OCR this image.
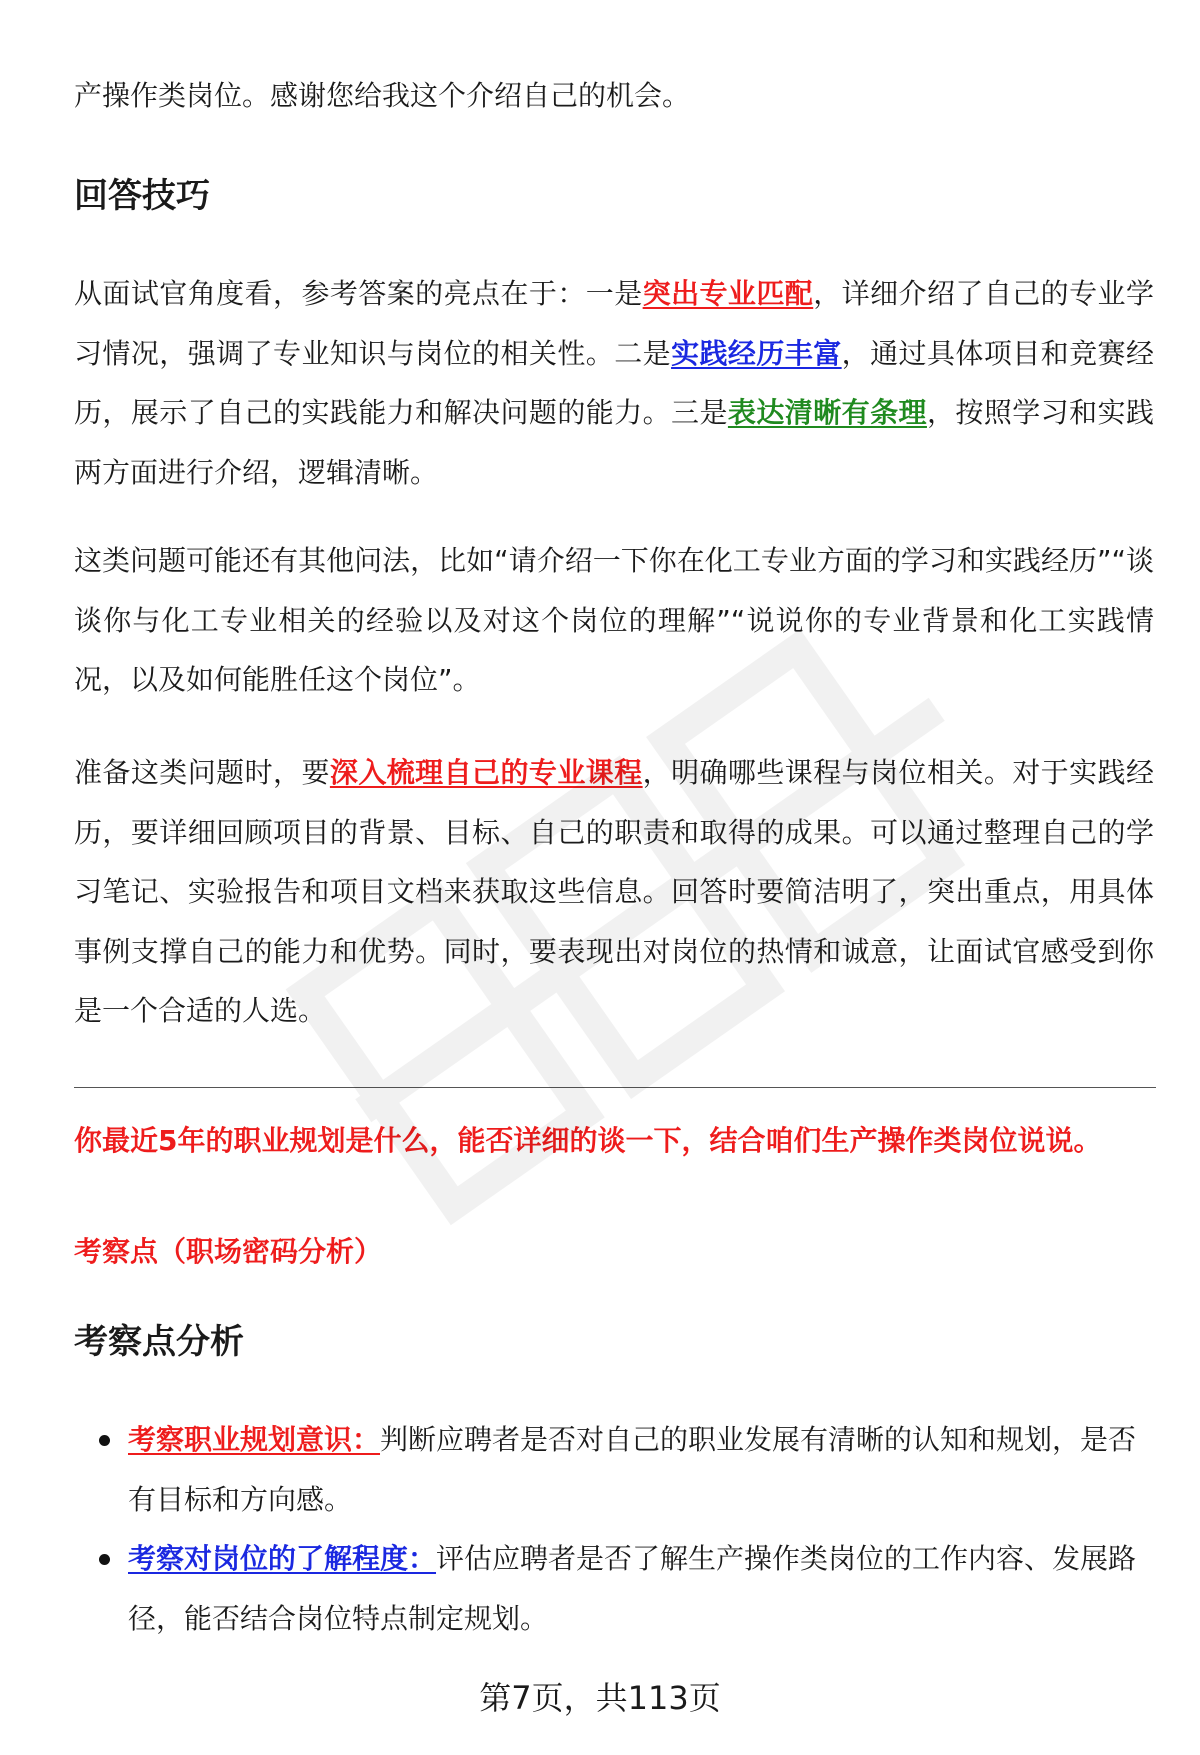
产操作类岗位。感谢您给我这个介绍自己的机会。

回答技巧

从面试官角度看，参考答案的亮点在于：一是突出专业匹配，详细介绍了自己的专业学习情况，强调了专业知识与岗位的相关性。二是实践经历丰富，通过具体项目和竞赛经历，展示了自己的实践能力和解决问题的能力。三是表达清晰有条理，按照学习和实践两方面进行介绍，逻辑清晰。

这类问题可能还有其他问法，比如“请介绍一下你在化工专业方面的学习和实践经历”“谈谈你与化工专业相关的经验以及对这个岗位的理解”“说说你的专业背景和化工实践情况，以及如何能胜任这个岗位”。

准备这类问题时，要深入梳理自己的专业课程，明确哪些课程与岗位相关。对于实践经历，要详细回顾项目的背景、目标、自己的职责和取得的成果。可以通过整理自己的学习笔记、实验报告和项目文档来获取这些信息。回答时要简洁明了，突出重点，用具体事例支撑自己的能力和优势。同时，要表现出对岗位的热情和诚意，让面试官感受到你是一个合适的人选。

你最近5年的职业规划是什么，能否详细的谈一下，结合咱们生产操作类岗位说说。

考察点（职场密码分析）

考察点分析
考察职业规划意识：判断应聘者是否对自己的职业发展有清晰的认知和规划，是否有目标和方向感。
考察对岗位的了解程度：评估应聘者是否了解生产操作类岗位的工作内容、发展路径，能否结合岗位特点制定规划。
第7页，共113页
